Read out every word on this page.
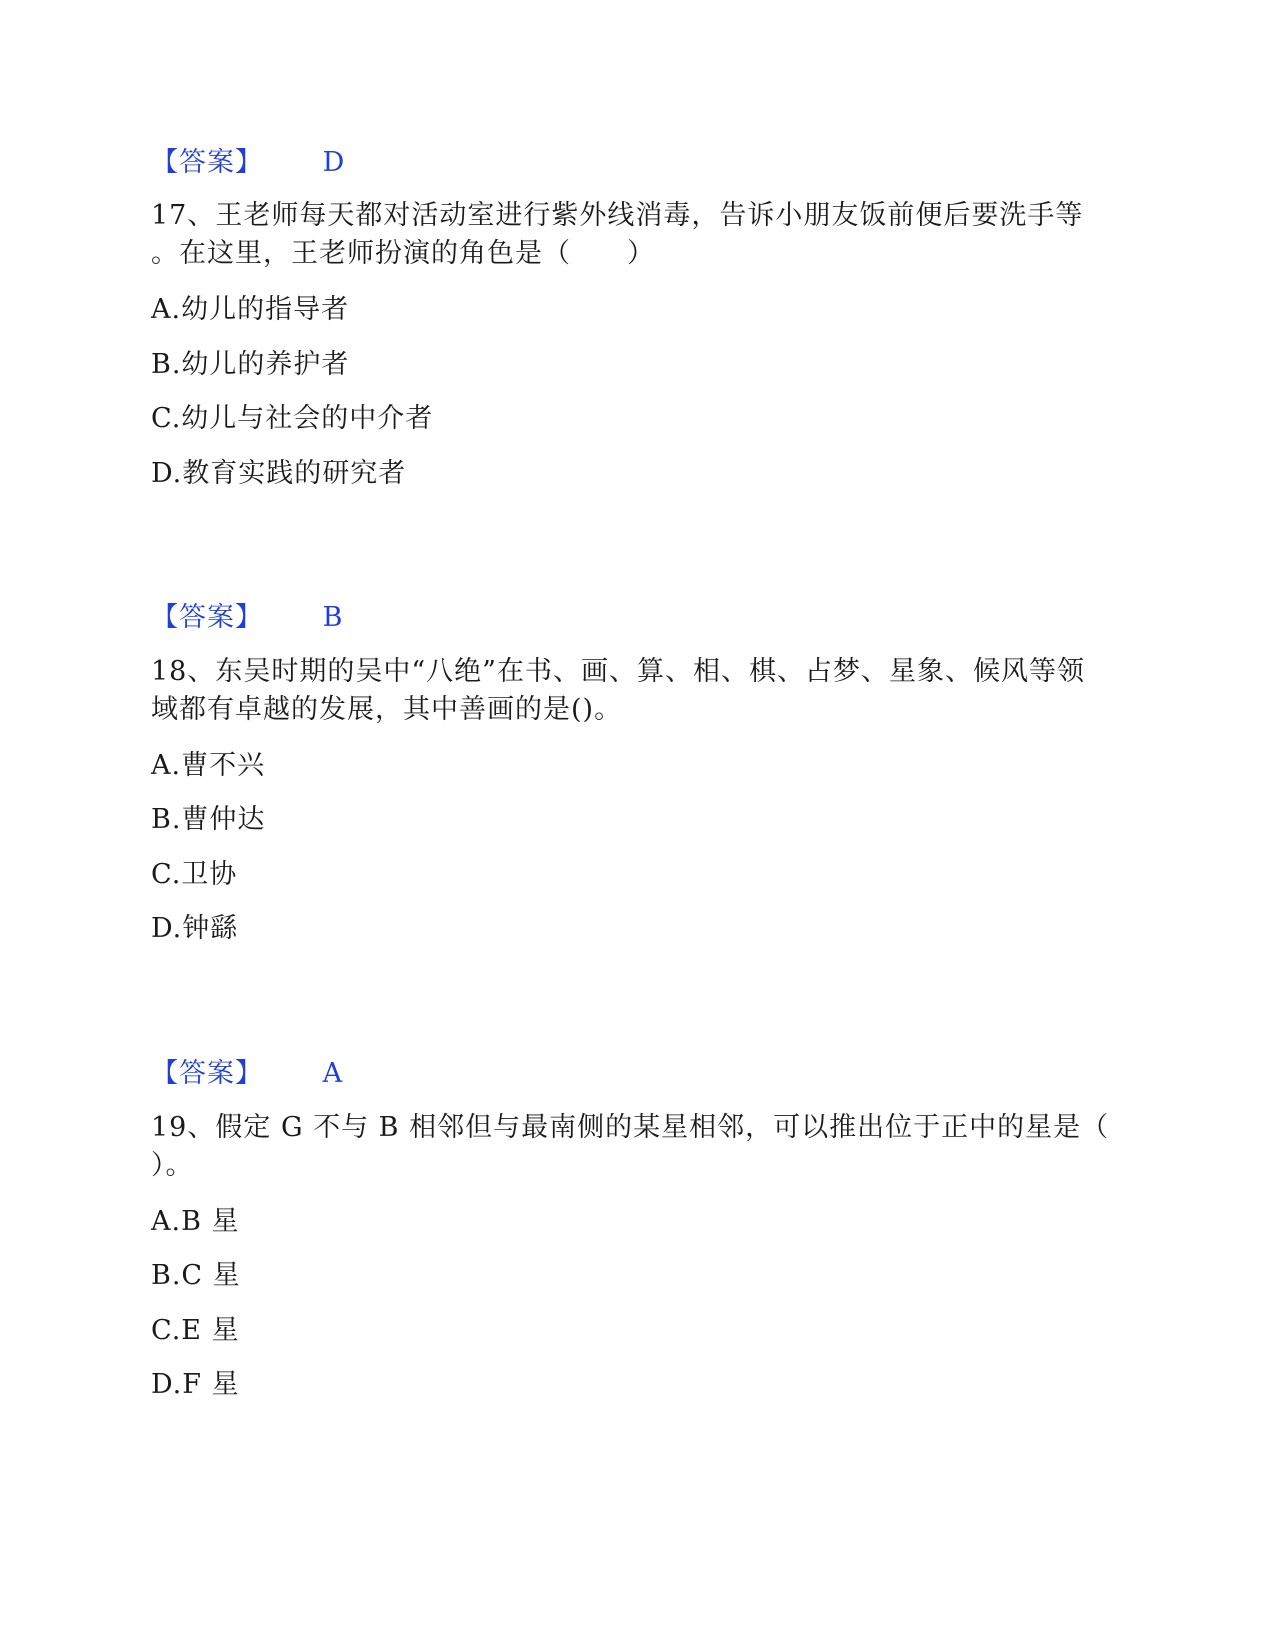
【答案】 D
17、王老师每天都对活动室进行紫外线消毒，告诉小朋友饭前便后要洗手等
。在这里，王老师扮演的角色是（　　）
A.幼儿的指导者
B.幼儿的养护者
C.幼儿与社会的中介者
D.教育实践的研究者
【答案】 B
18、东吴时期的吴中“八绝”在书、画、算、相、棋、占梦、星象、候风等领
域都有卓越的发展，其中善画的是()。
A.曹不兴
B.曹仲达
C.卫协
D.钟繇
【答案】 A
19、假定 G 不与 B 相邻但与最南侧的某星相邻，可以推出位于正中的星是（
）。
A.B 星
B.C 星
C.E 星
D.F 星
